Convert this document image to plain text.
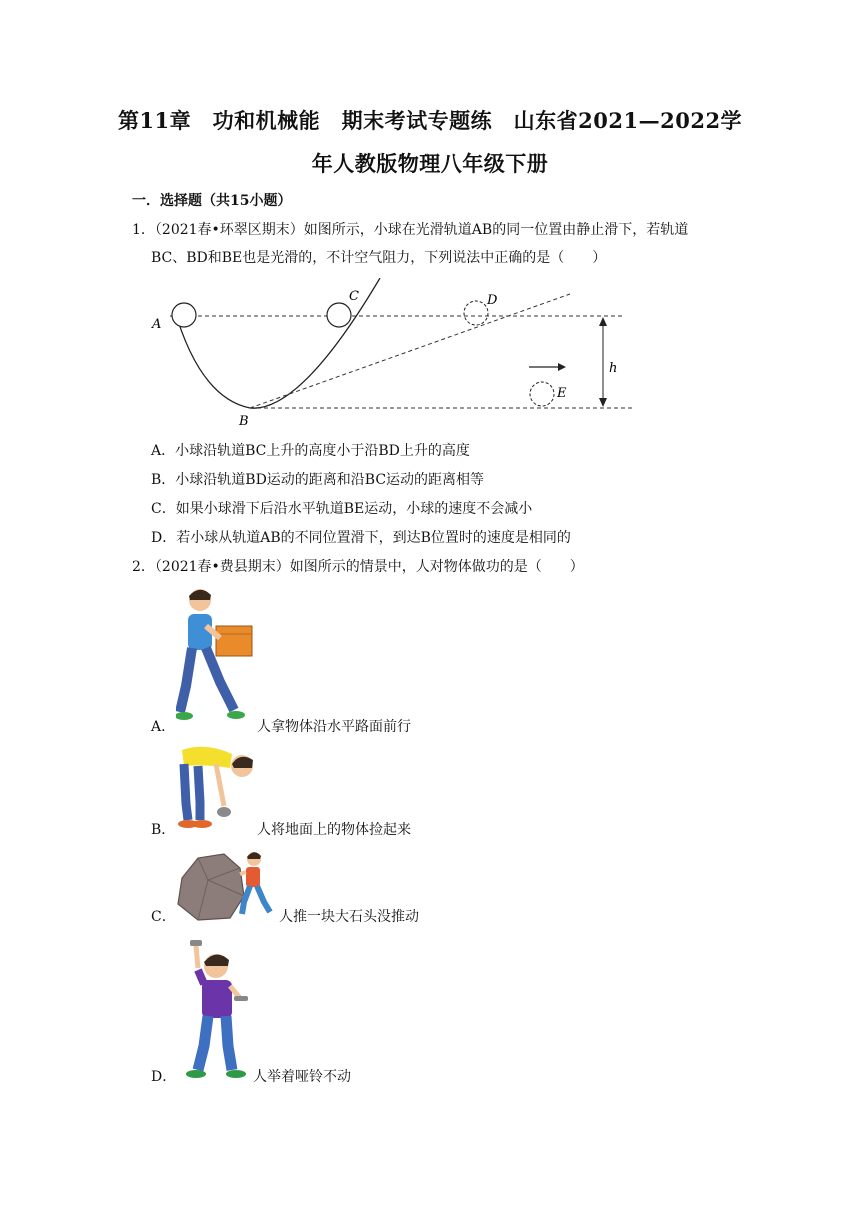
第11章　功和机械能　期末考试专题练　山东省2021—2022学
年人教版物理八年级下册
一．选择题（共15小题）
1．（2021春•环翠区期末）如图所示，小球在光滑轨道AB的同一位置由静止滑下，若轨道
BC、BD和BE也是光滑的，不计空气阻力，下列说法中正确的是（　　）
A
B
C	D
E
h
A．小球沿轨道BC上升的高度小于沿BD上升的高度
B．小球沿轨道BD运动的距离和沿BC运动的距离相等
C．如果小球滑下后沿水平轨道BE运动，小球的速度不会减小
D．若小球从轨道AB的不同位置滑下，到达B位置时的速度是相同的
2．（2021春•费县期末）如图所示的情景中，人对物体做功的是（　　）
A．	人拿物体沿水平路面前行
B．	人将地面上的物体捡起来
C．	人推一块大石头没推动
D．	人举着哑铃不动
